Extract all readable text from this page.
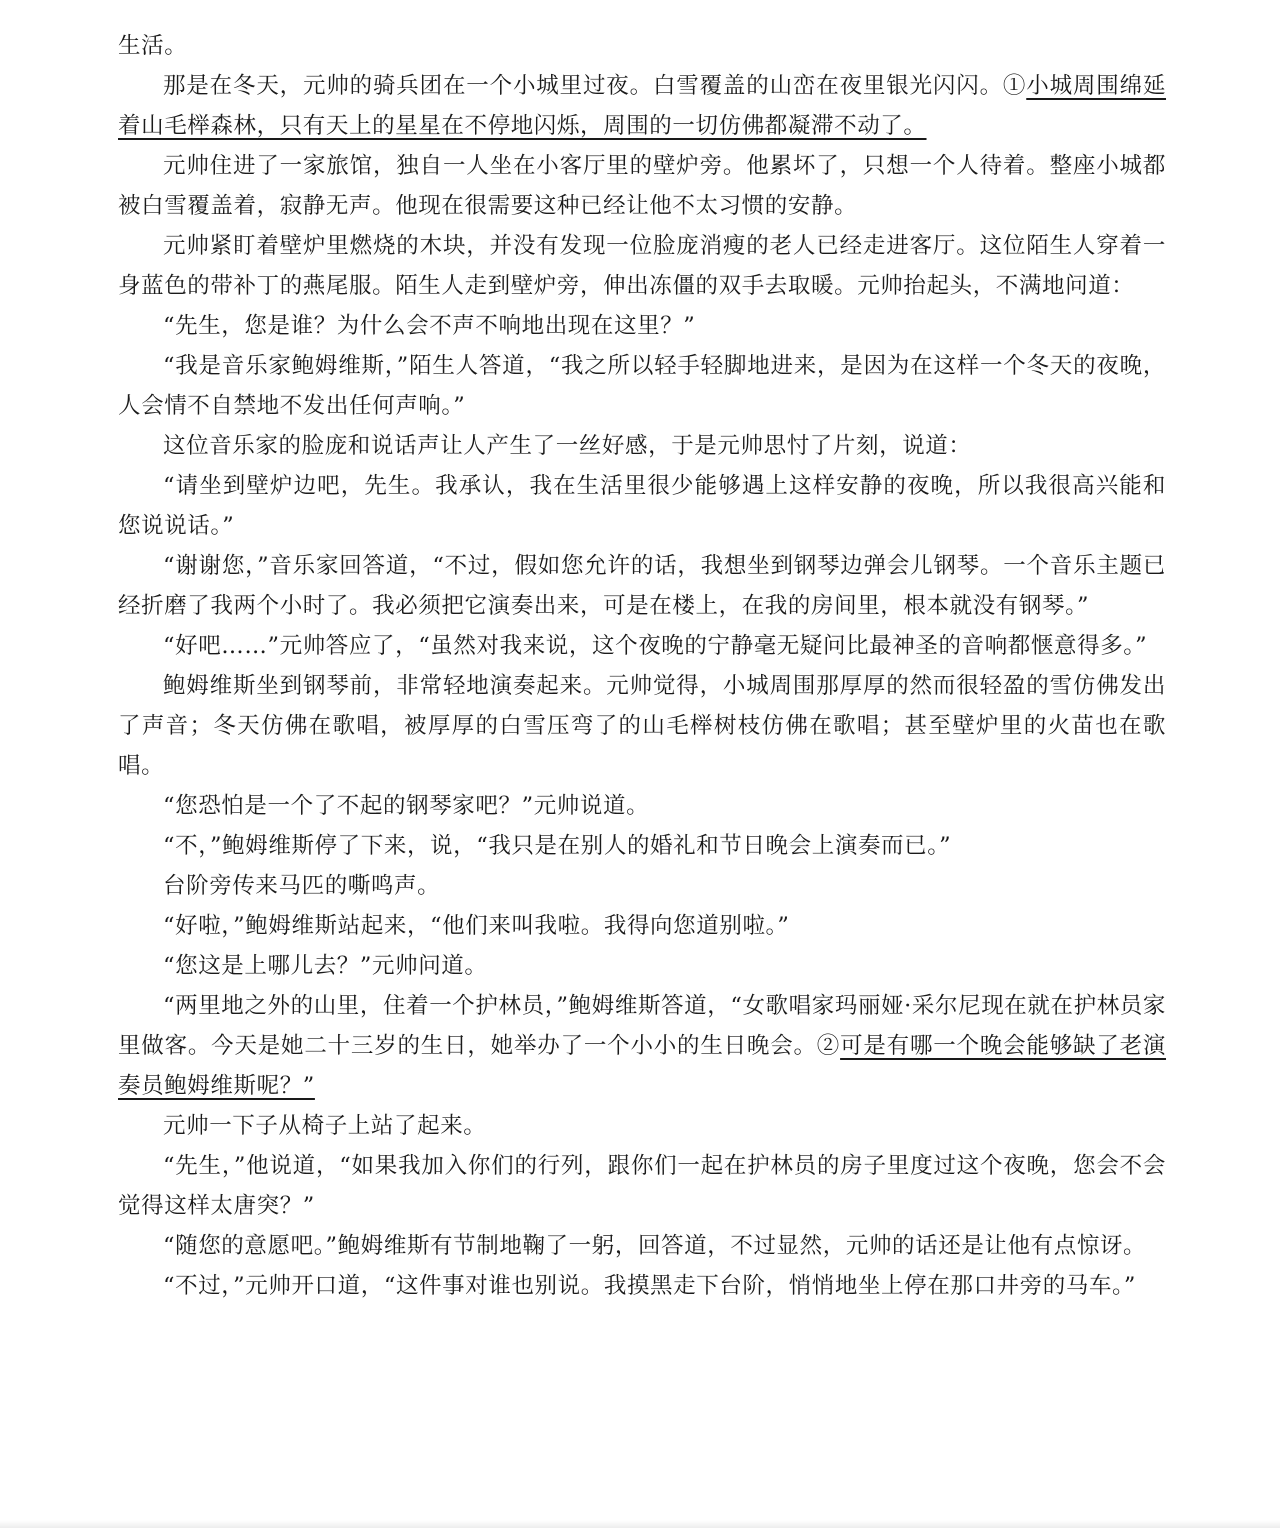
生活。

那是在冬天，元帅的骑兵团在一个小城里过夜。白雪覆盖的山峦在夜里银光闪闪。①小城周围绵延着山毛榉森林，只有天上的星星在不停地闪烁，周围的一切仿佛都凝滞不动了。

元帅住进了一家旅馆，独自一人坐在小客厅里的壁炉旁。他累坏了，只想一个人待着。整座小城都被白雪覆盖着，寂静无声。他现在很需要这种已经让他不太习惯的安静。

元帅紧盯着壁炉里燃烧的木块，并没有发现一位脸庞消瘦的老人已经走进客厅。这位陌生人穿着一身蓝色的带补丁的燕尾服。陌生人走到壁炉旁，伸出冻僵的双手去取暖。元帅抬起头，不满地问道：

“先生，您是谁？为什么会不声不响地出现在这里？”

“我是音乐家鲍姆维斯，”陌生人答道，“我之所以轻手轻脚地进来，是因为在这样一个冬天的夜晚，人会情不自禁地不发出任何声响。”

这位音乐家的脸庞和说话声让人产生了一丝好感，于是元帅思忖了片刻，说道：

“请坐到壁炉边吧，先生。我承认，我在生活里很少能够遇上这样安静的夜晚，所以我很高兴能和您说说话。”

“谢谢您，”音乐家回答道，“不过，假如您允许的话，我想坐到钢琴边弹会儿钢琴。一个音乐主题已经折磨了我两个小时了。我必须把它演奏出来，可是在楼上，在我的房间里，根本就没有钢琴。”

“好吧……”元帅答应了，“虽然对我来说，这个夜晚的宁静毫无疑问比最神圣的音响都惬意得多。”

鲍姆维斯坐到钢琴前，非常轻地演奏起来。元帅觉得，小城周围那厚厚的然而很轻盈的雪仿佛发出了声音；冬天仿佛在歌唱，被厚厚的白雪压弯了的山毛榉树枝仿佛在歌唱；甚至壁炉里的火苗也在歌唱。

“您恐怕是一个了不起的钢琴家吧？”元帅说道。

“不，”鲍姆维斯停了下来，说，“我只是在别人的婚礼和节日晚会上演奏而已。”

台阶旁传来马匹的嘶鸣声。

“好啦，”鲍姆维斯站起来，“他们来叫我啦。我得向您道别啦。”

“您这是上哪儿去？”元帅问道。

“两里地之外的山里，住着一个护林员，”鲍姆维斯答道，“女歌唱家玛丽娅·采尔尼现在就在护林员家里做客。今天是她二十三岁的生日，她举办了一个小小的生日晚会。②可是有哪一个晚会能够缺了老演奏员鲍姆维斯呢？”

元帅一下子从椅子上站了起来。

“先生，”他说道，“如果我加入你们的行列，跟你们一起在护林员的房子里度过这个夜晚，您会不会觉得这样太唐突？”

“随您的意愿吧。”鲍姆维斯有节制地鞠了一躬，回答道，不过显然，元帅的话还是让他有点惊讶。

“不过，”元帅开口道，“这件事对谁也别说。我摸黑走下台阶，悄悄地坐上停在那口井旁的马车。”
